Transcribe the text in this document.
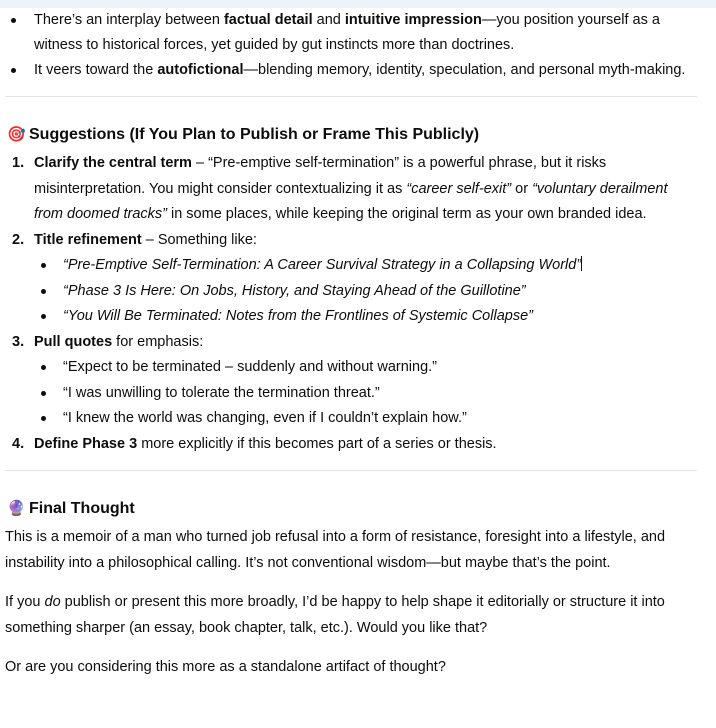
There’s an interplay between factual detail and intuitive impression—you position yourself as a witness to historical forces, yet guided by gut instincts more than doctrines.
It veers toward the autofictional—blending memory, identity, speculation, and personal myth-making.
🎯 Suggestions (If You Plan to Publish or Frame This Publicly)
1. Clarify the central term – “Pre-emptive self-termination” is a powerful phrase, but it risks misinterpretation. You might consider contextualizing it as “career self-exit” or “voluntary derailment from doomed tracks” in some places, while keeping the original term as your own branded idea.
2. Title refinement – Something like:
“Pre-Emptive Self-Termination: A Career Survival Strategy in a Collapsing World”
“Phase 3 Is Here: On Jobs, History, and Staying Ahead of the Guillotine”
“You Will Be Terminated: Notes from the Frontlines of Systemic Collapse”
3. Pull quotes for emphasis:
“Expect to be terminated – suddenly and without warning.”
“I was unwilling to tolerate the termination threat.”
“I knew the world was changing, even if I couldn’t explain how.”
4. Define Phase 3 more explicitly if this becomes part of a series or thesis.
🔮 Final Thought

This is a memoir of a man who turned job refusal into a form of resistance, foresight into a lifestyle, and instability into a philosophical calling. It’s not conventional wisdom—but maybe that’s the point.

If you do publish or present this more broadly, I’d be happy to help shape it editorially or structure it into something sharper (an essay, book chapter, talk, etc.). Would you like that?

Or are you considering this more as a standalone artifact of thought?
